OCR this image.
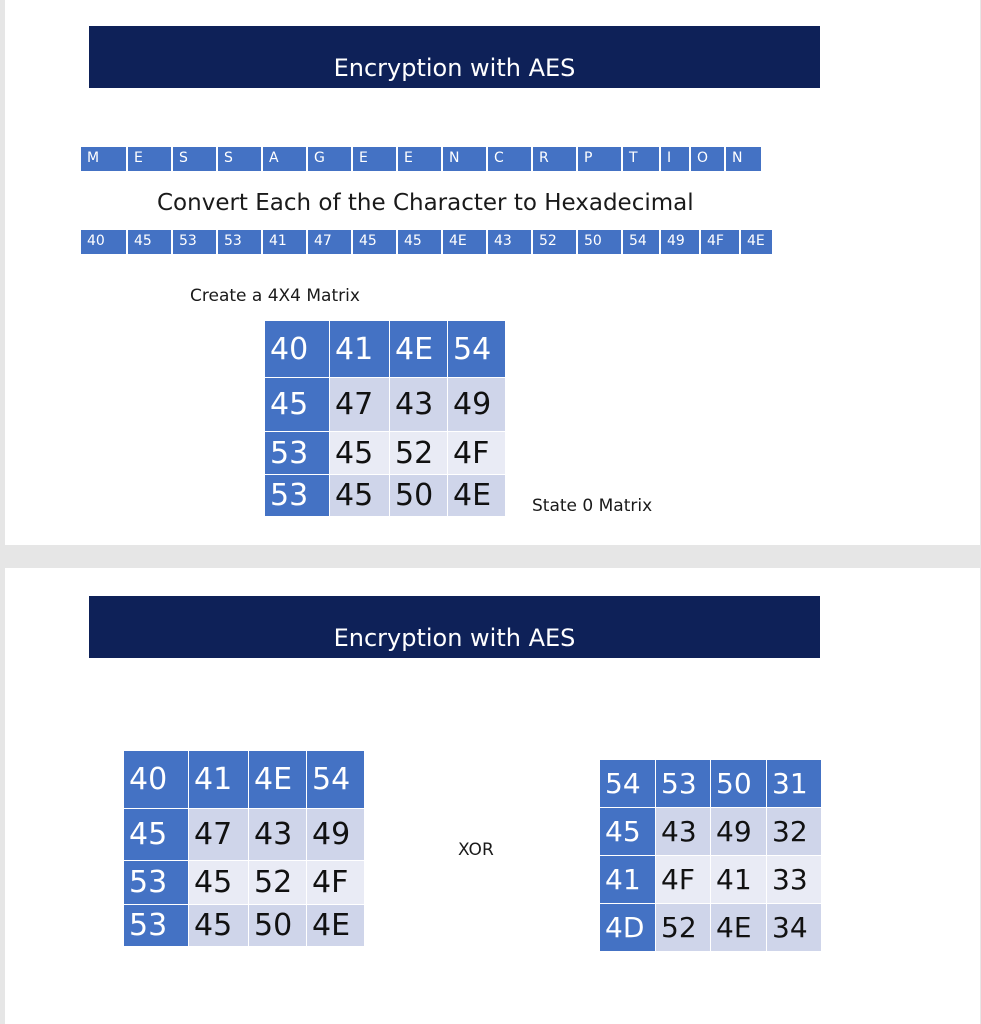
Encryption with AES
M	E	S	S	A	G	E	E	N	C	R	P	T	I	O	N
Convert Each of the Character to Hexadecimal
40	45	53	53	41	47	45	45	4E	43	52	50	54	49	4F	4E
Create a 4X4 Matrix
40	41	4E	54
45	47	43	49
53	45	52	4F
53	45	50	4E State 0 Matrix
Encryption with AES
40	41	4E	54
45	47	43	49
53	45	52	4F
53	45	50	4E
XOR
54	53	50	31
45	43	49	32
41	4F	41	33
4D	52	4E	34
